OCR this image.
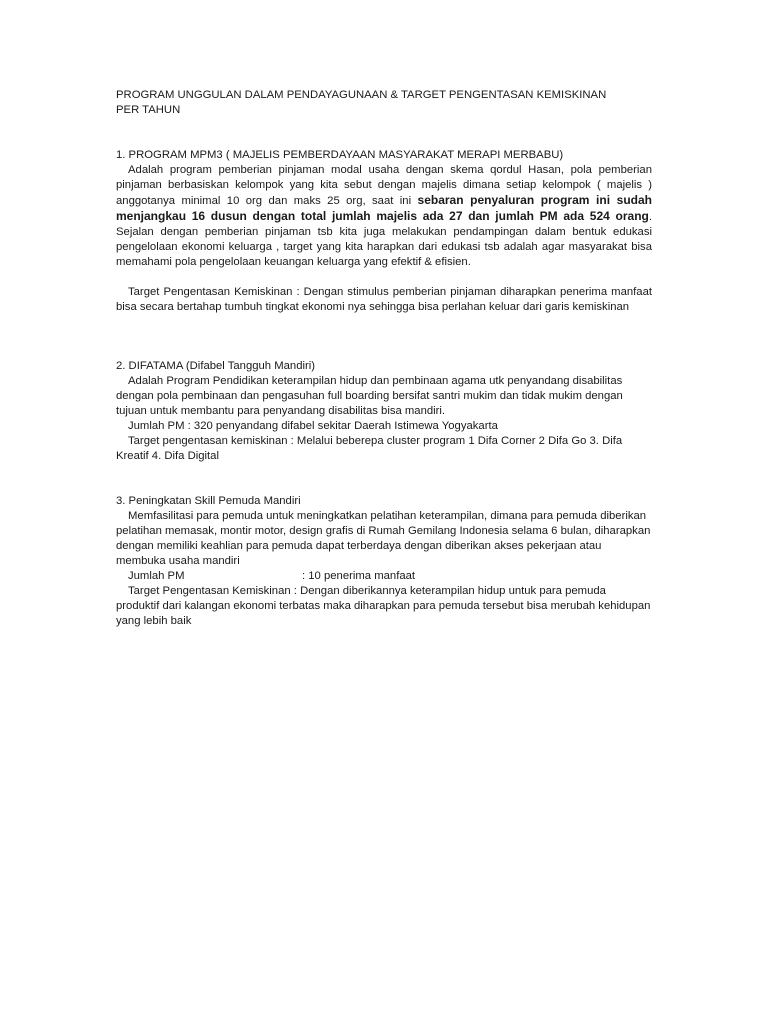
PROGRAM UNGGULAN DALAM PENDAYAGUNAAN & TARGET PENGENTASAN KEMISKINAN PER TAHUN

1. PROGRAM MPM3 ( MAJELIS PEMBERDAYAAN MASYARAKAT MERAPI MERBABU)

Adalah program pemberian pinjaman modal usaha dengan skema qordul Hasan, pola pemberian pinjaman berbasiskan kelompok yang kita sebut dengan majelis dimana setiap kelompok ( majelis ) anggotanya minimal 10 org dan maks 25 org, saat ini sebaran penyaluran program ini sudah menjangkau 16 dusun dengan total jumlah majelis ada 27 dan jumlah PM ada 524 orang. Sejalan dengan pemberian pinjaman tsb kita juga melakukan pendampingan dalam bentuk edukasi pengelolaan ekonomi keluarga , target yang kita harapkan dari edukasi tsb adalah agar masyarakat bisa memahami pola pengelolaan keuangan keluarga yang efektif & efisien.

Target Pengentasan Kemiskinan : Dengan stimulus pemberian pinjaman diharapkan penerima manfaat bisa secara bertahap tumbuh tingkat ekonomi nya sehingga bisa perlahan keluar dari garis kemiskinan

2. DIFATAMA (Difabel Tangguh Mandiri)

Adalah Program Pendidikan keterampilan hidup dan pembinaan agama utk penyandang disabilitas dengan pola pembinaan dan pengasuhan full boarding bersifat santri mukim dan tidak mukim dengan tujuan untuk membantu para penyandang disabilitas bisa mandiri.

Jumlah PM : 320 penyandang difabel sekitar Daerah Istimewa Yogyakarta

Target pengentasan kemiskinan : Melalui beberepa cluster program 1 Difa Corner 2 Difa Go 3. Difa Kreatif 4. Difa Digital

3. Peningkatan Skill Pemuda Mandiri

Memfasilitasi para pemuda untuk meningkatkan pelatihan keterampilan, dimana para pemuda diberikan pelatihan memasak, montir motor, design grafis di Rumah Gemilang Indonesia selama 6 bulan, diharapkan dengan memiliki keahlian para pemuda dapat terberdaya dengan diberikan akses pekerjaan atau membuka usaha mandiri

Jumlah PM	: 10 penerima manfaat

Target Pengentasan Kemiskinan : Dengan diberikannya keterampilan hidup untuk para pemuda produktif dari kalangan ekonomi terbatas maka diharapkan para pemuda tersebut bisa merubah kehidupan yang lebih baik
